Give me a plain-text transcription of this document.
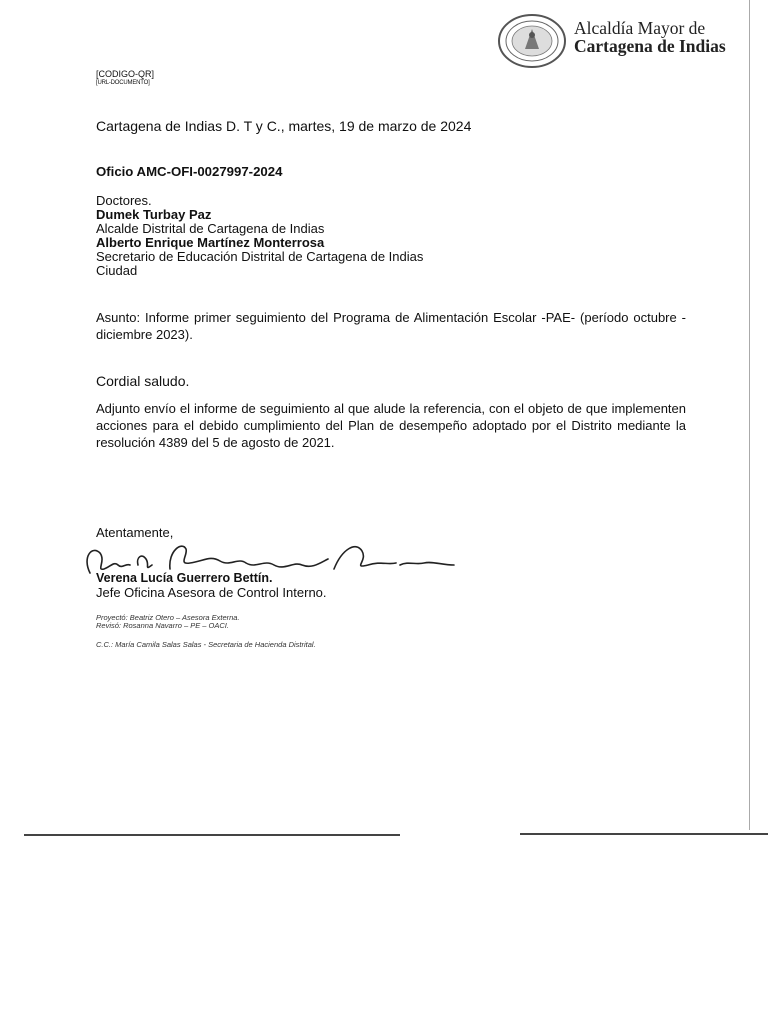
Alcaldía Mayor de
Cartagena de Indias
[CODIGO-QR]
[URL-DOCUMENTO]
Cartagena de Indias D. T y C., martes, 19 de marzo de 2024
Oficio AMC-OFI-0027997-2024
Doctores.
Dumek Turbay Paz
Alcalde Distrital de Cartagena de Indias
Alberto Enrique Martínez Monterrosa
Secretario de Educación Distrital de Cartagena de Indias
Ciudad
Asunto: Informe primer seguimiento del Programa de Alimentación Escolar -PAE- (período octubre - diciembre 2023).
Cordial saludo.
Adjunto envío el informe de seguimiento al que alude la referencia, con el objeto de que implementen acciones para el debido cumplimiento del Plan de desempeño adoptado por el Distrito mediante la resolución 4389 del 5 de agosto de 2021.
Atentamente,
Verena Lucía Guerrero Bettín.
Jefe Oficina Asesora de Control Interno.
Proyectó: Beatriz Otero – Asesora Externa.
Revisó: Rosanna Navarro – PE – OACI.
C.C.: María Camila Salas Salas - Secretaria de Hacienda Distrital.
